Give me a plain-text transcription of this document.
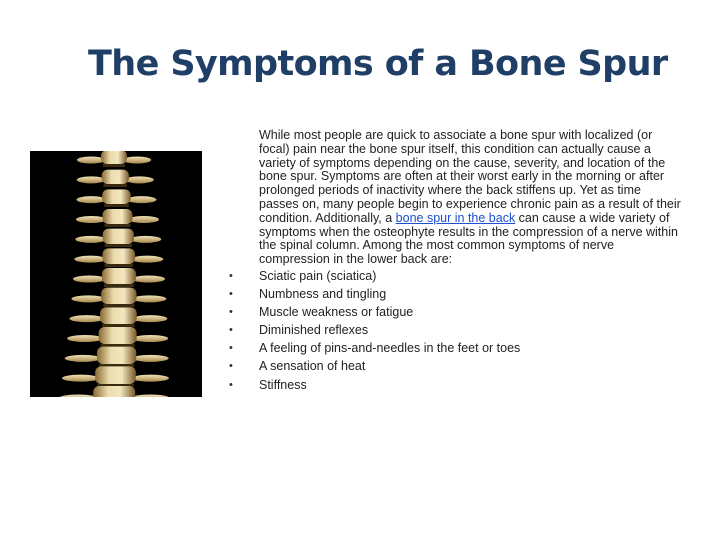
The Symptoms of a Bone Spur

While most people are quick to associate a bone spur with localized (or focal) pain near the bone spur itself, this condition can actually cause a variety of symptoms depending on the cause, severity, and location of the bone spur. Symptoms are often at their worst early in the morning or after prolonged periods of inactivity where the back stiffens up. Yet as time passes on, many people begin to experience chronic pain as a result of their condition. Additionally, a bone spur in the back can cause a wide variety of symptoms when the osteophyte results in the compression of a nerve within the spinal column. Among the most common symptoms of nerve compression in the lower back are:

• Sciatic pain (sciatica)
• Numbness and tingling
• Muscle weakness or fatigue
• Diminished reflexes
• A feeling of pins-and-needles in the feet or toes
• A sensation of heat
• Stiffness
